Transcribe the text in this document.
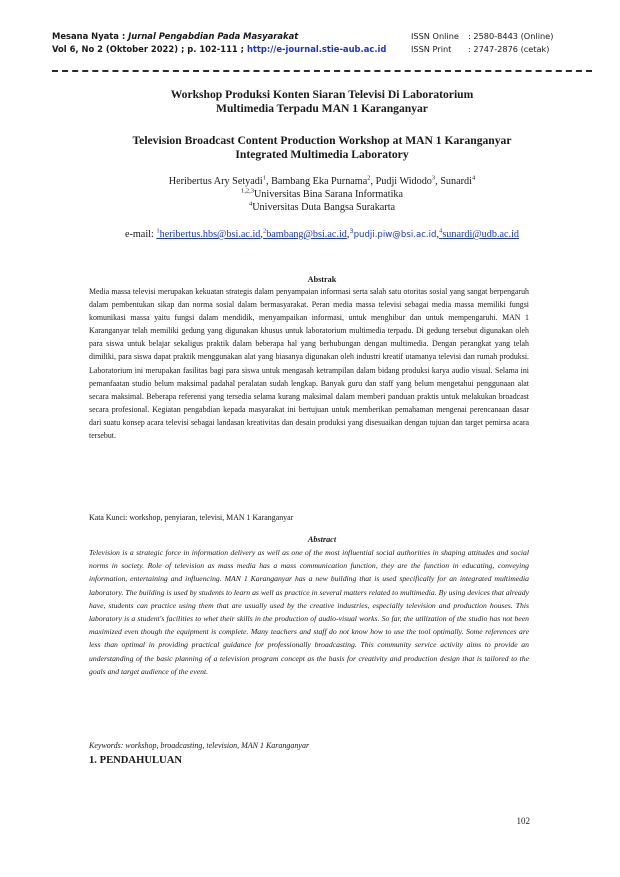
Mesana Nyata : Jurnal Pengabdian Pada Masyarakat
Vol 6, No 2 (Oktober 2022) ; p. 102-111 ; http://e-journal.stie-aub.ac.id
ISSN Online : 2580-8443 (Online)
ISSN Print : 2747-2876 (cetak)
Workshop Produksi Konten Siaran Televisi Di Laboratorium
Multimedia Terpadu MAN 1 Karanganyar
Television Broadcast Content Production Workshop at MAN 1 Karanganyar
Integrated Multimedia Laboratory
Heribertus Ary Setyadi$^1$, Bambang Eka Purnama$^2$, Pudji Widodo$^3$, Sunardi$^4$
$^{1,2,3}$Universitas Bina Sarana Informatika
$^4$Universitas Duta Bangsa Surakarta
e-mail: $^1$heribertus.hbs@bsi.ac.id,$^2$bambang@bsi.ac.id,$^3$pudji.piw@bsi.ac.id,$^4$sunardi@udb.ac.id
Abstrak
Media massa televisi merupakan kekuatan strategis dalam penyampaian informasi serta salah satu otoritas sosial yang sangat berpengaruh dalam pembentukan sikap dan norma sosial dalam bermasyarakat. Peran media massa televisi sebagai media massa memiliki fungsi komunikasi massa yaitu fungsi dalam mendidik, menyampaikan informasi, untuk menghibur dan untuk mempengaruhi. MAN 1 Karanganyar telah memiliki gedung yang digunakan khusus untuk laboratorium multimedia terpadu. Di gedung tersebut digunakan oleh para siswa untuk belajar sekaligus praktik dalam beberapa hal yang berhubungan dengan multimedia. Dengan perangkat yang telah dimiliki, para siswa dapat praktik menggunakan alat yang biasanya digunakan oleh industri kreatif utamanya televisi dan rumah produksi. Laboratorium ini merupakan fasilitas bagi para siswa untuk mengasah ketrampilan dalam bidang produksi karya audio visual. Selama ini pemanfaatan studio belum maksimal padahal peralatan sudah lengkap. Banyak guru dan staff yang belum mengetahui penggunaan alat secara maksimal. Beberapa referensi yang tersedia selama kurang maksimal dalam memberi panduan praktis untuk melakukan broadcast secara profesional. Kegiatan pengabdian kepada masyarakat ini bertujuan untuk memberikan pemahaman mengenai perencanaan dasar dari suatu konsep acara televisi sebagai landasan kreativitas dan desain produksi yang disesuaikan dengan tujuan dan target pemirsa acara tersebut.
Kata Kunci: workshop, penyiaran, televisi, MAN 1 Karanganyar
Abstract
Television is a strategic force in information delivery as well as one of the most influential social authorities in shaping attitudes and social norms in society. Role of television as mass media has a mass communication function, they are the function in educating, conveying information, entertaining and influencing. MAN 1 Karanganyar has a new building that is used specifically for an integrated multimedia laboratory. The building is used by students to learn as well as practice in several matters related to multimedia. By using devices that already have, students can practice using them that are usually used by the creative industries, especially television and production houses. This laboratory is a student's facilities to whet their skills in the production of audio-visual works. So far, the utilization of the studio has not been maximized even though the equipment is complete. Many teachers and staff do not know how to use the tool optimally. Some references are less than optimal in providing practical guidance for professionally broadcasting. This community service activity aims to provide an understanding of the basic planning of a television program concept as the basis for creativity and production design that is tailored to the goals and target audience of the event.
Keywords: workshop, broadcasting, television, MAN 1 Karanganyar
1. PENDAHULUAN
102
